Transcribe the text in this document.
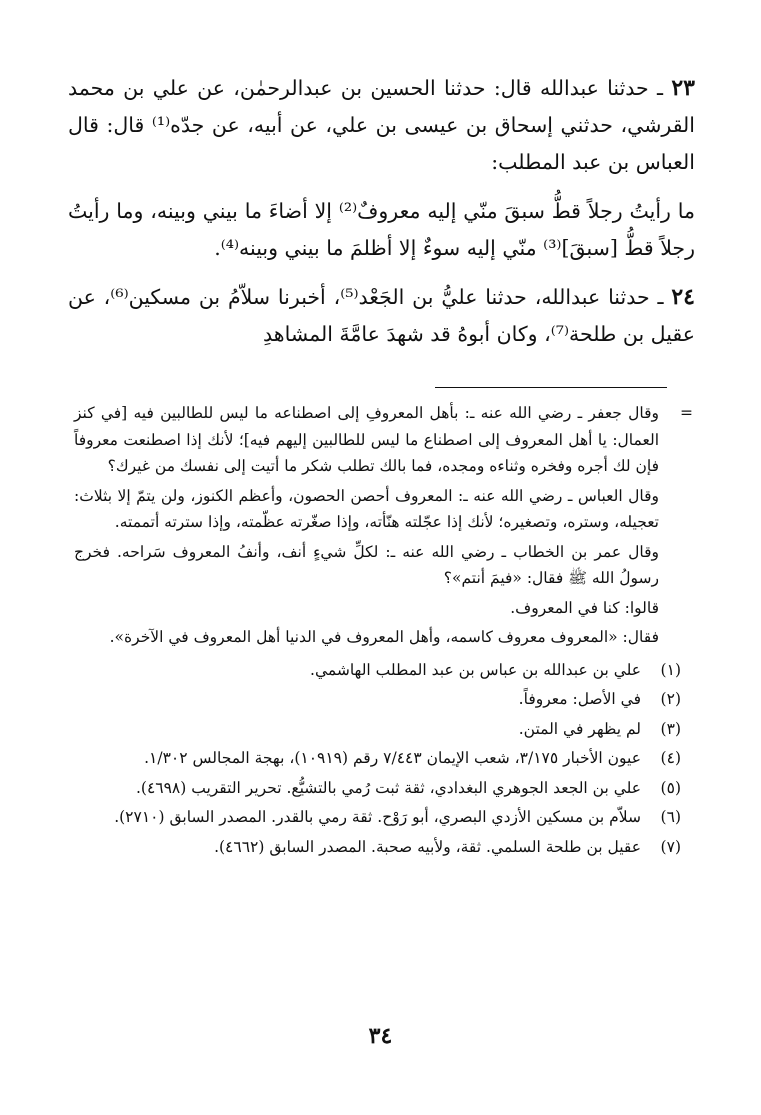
٢٣ ـ حدثنا عبدالله قال: حدثنا الحسين بن عبدالرحمٰن، عن علي بن محمد القرشي، حدثني إسحاق بن عيسى بن علي، عن أبيه، عن جدّه⁽¹⁾ قال: قال العباس بن عبد المطلب:

ما رأيتُ رجلاً قطُّ سبقَ منّي إليه معروفٌ⁽²⁾ إلا أضاءَ ما بيني وبينه، وما رأيتُ رجلاً قطُّ [سبقَ]⁽³⁾ منّي إليه سوءٌ إلا أظلمَ ما بيني وبينه⁽⁴⁾.

٢٤ ـ حدثنا عبدالله، حدثنا عليُّ بن الجَعْد⁽⁵⁾، أخبرنا سلاّمُ بن مسكين⁽⁶⁾، عن عقيل بن طلحة⁽⁷⁾، وكان أبوهُ قد شهدَ عامَّةَ المشاهدِ

=

وقال جعفر ـ رضي الله عنه ـ: بأهل المعروفِ إلى اصطناعه ما ليس للطالبين فيه [في كنز العمال: يا أهل المعروف إلى اصطناع ما ليس للطالبين إليهم فيه]؛ لأنك إذا اصطنعت معروفاً فإن لك أجره وفخره وثناءه ومجده، فما بالك تطلب شكر ما أتيت إلى نفسك من غيرك؟

وقال العباس ـ رضي الله عنه ـ: المعروف أحصن الحصون، وأعظم الكنوز، ولن يتمّ إلا بثلاث: تعجيله، وستره، وتصغيره؛ لأنك إذا عجّلته هنّأته، وإذا صغّرته عظّمته، وإذا سترته أتممته.

وقال عمر بن الخطاب ـ رضي الله عنه ـ: لكلِّ شيءٍ أنف، وأنفُ المعروف سَراحه. فخرج رسولُ الله ﷺ فقال: «فيمَ أنتم»؟

قالوا: كنا في المعروف.

فقال: «المعروف معروف كاسمه، وأهل المعروف في الدنيا أهل المعروف في الآخرة».

(١)
علي بن عبدالله بن عباس بن عبد المطلب الهاشمي.
(٢)
في الأصل: معروفاً.
(٣)
لم يظهر في المتن.
(٤)
عيون الأخبار ٣/١٧٥، شعب الإيمان ٧/٤٤٣ رقم (١٠٩١٩)، بهجة المجالس ١/٣٠٢.
(٥)
علي بن الجعد الجوهري البغدادي، ثقة ثبت رُمي بالتشيُّع. تحرير التقريب (٤٦٩٨).
(٦)
سلاّم بن مسكين الأزدي البصري، أبو رَوْح. ثقة رمي بالقدر. المصدر السابق (٢٧١٠).
(٧)
عقيل بن طلحة السلمي. ثقة، ولأبيه صحبة. المصدر السابق (٤٦٦٢).
٣٤
